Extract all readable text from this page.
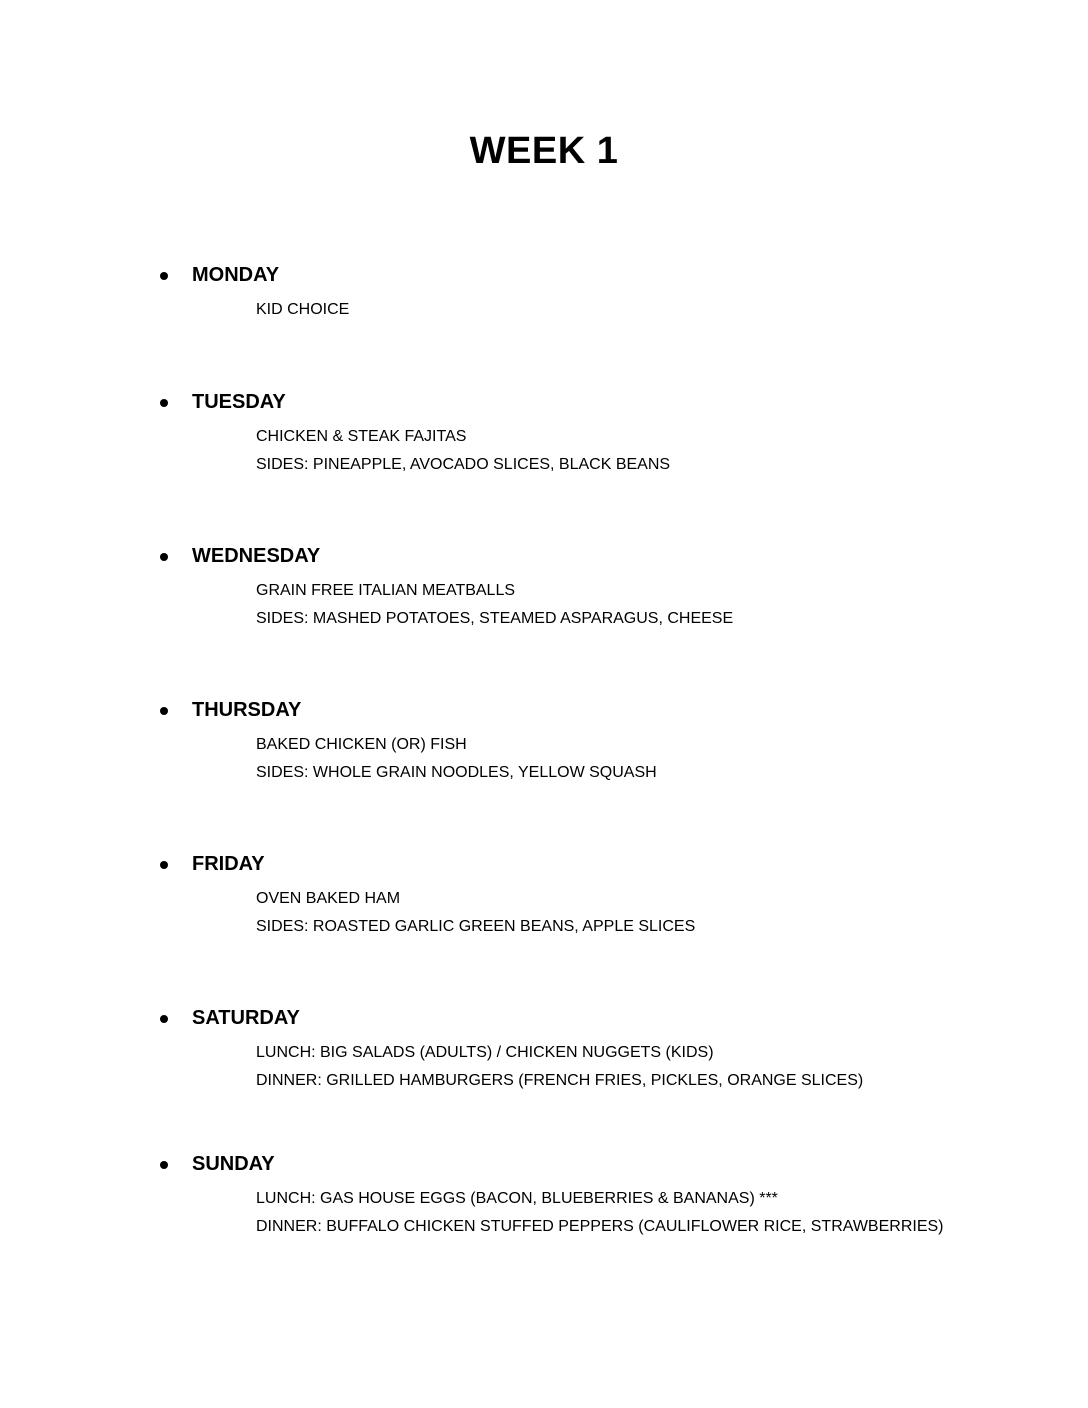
WEEK 1
MONDAY
KID CHOICE
TUESDAY
CHICKEN & STEAK FAJITAS
SIDES: PINEAPPLE, AVOCADO SLICES, BLACK BEANS
WEDNESDAY
GRAIN FREE ITALIAN MEATBALLS
SIDES: MASHED POTATOES, STEAMED ASPARAGUS, CHEESE
THURSDAY
BAKED CHICKEN (OR) FISH
SIDES: WHOLE GRAIN NOODLES, YELLOW SQUASH
FRIDAY
OVEN BAKED HAM
SIDES: ROASTED GARLIC GREEN BEANS, APPLE SLICES
SATURDAY
LUNCH: BIG SALADS (ADULTS) / CHICKEN NUGGETS (KIDS)
DINNER: GRILLED HAMBURGERS (FRENCH FRIES, PICKLES, ORANGE SLICES)
SUNDAY
LUNCH: GAS HOUSE EGGS (BACON, BLUEBERRIES & BANANAS) ***
DINNER: BUFFALO CHICKEN STUFFED PEPPERS (CAULIFLOWER RICE, STRAWBERRIES)
